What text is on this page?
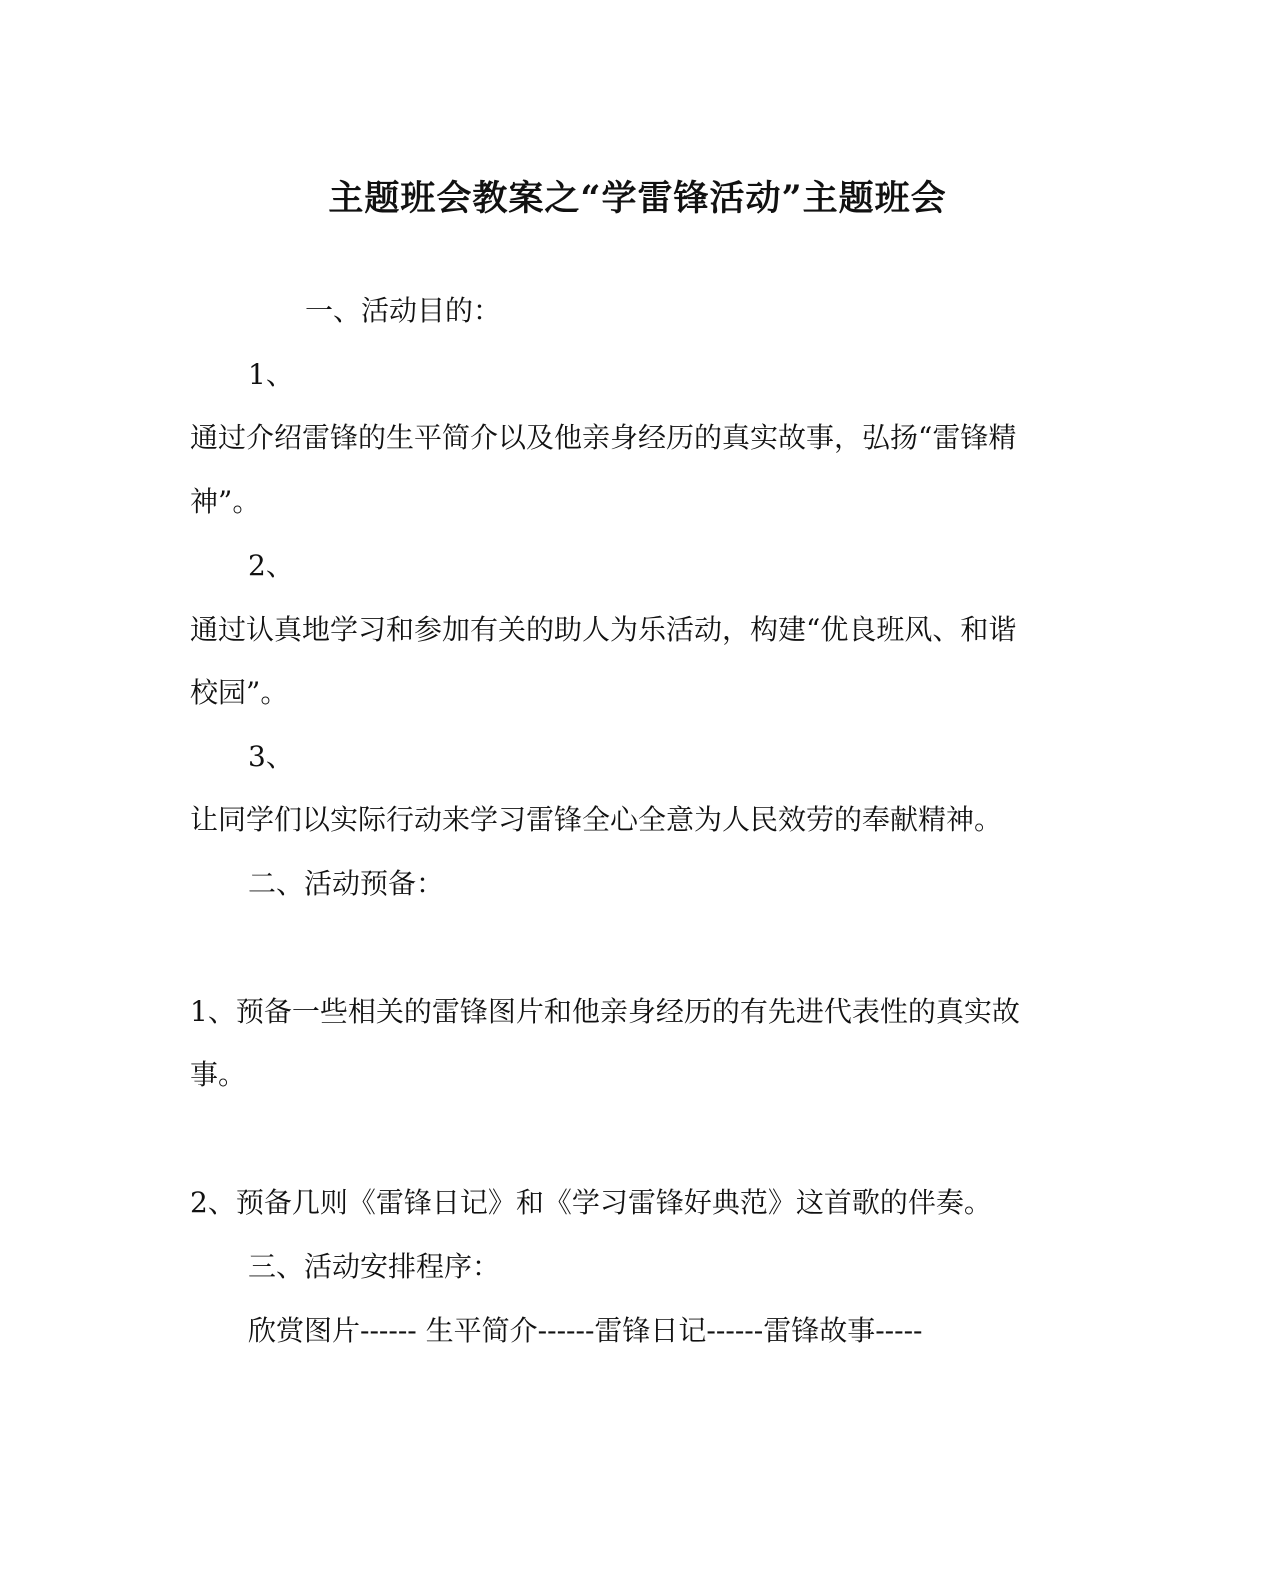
主题班会教案之“学雷锋活动”主题班会
一、活动目的：
1、
通过介绍雷锋的生平简介以及他亲身经历的真实故事，弘扬“雷锋精
神”。
2、
通过认真地学习和参加有关的助人为乐活动，构建“优良班风、和谐
校园”。
3、
让同学们以实际行动来学习雷锋全心全意为人民效劳的奉献精神。
二、活动预备：
1、预备一些相关的雷锋图片和他亲身经历的有先进代表性的真实故
事。
2、预备几则《雷锋日记》和《学习雷锋好典范》这首歌的伴奏。
三、活动安排程序：
欣赏图片------ 生平简介------雷锋日记------雷锋故事-----
